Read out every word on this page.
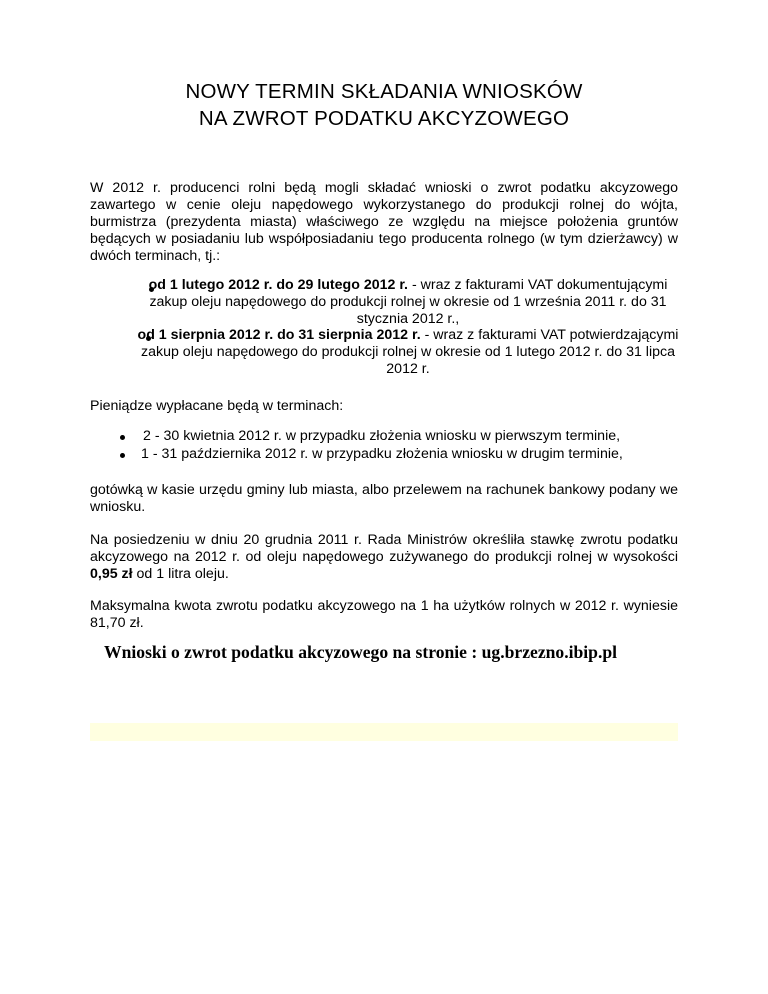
NOWY TERMIN SKŁADANIA WNIOSKÓW
NA ZWROT PODATKU AKCYZOWEGO
W 2012 r. producenci rolni będą mogli składać wnioski o zwrot podatku akcyzowego zawartego w cenie oleju napędowego wykorzystanego do produkcji rolnej do wójta, burmistrza (prezydenta miasta) właściwego ze względu na miejsce położenia gruntów będących w posiadaniu lub współposiadaniu tego producenta rolnego (w tym dzierżawcy) w dwóch terminach, tj.:
od 1 lutego 2012 r. do 29 lutego 2012 r. - wraz z fakturami VAT dokumentującymi zakup oleju napędowego do produkcji rolnej w okresie od 1 września 2011 r. do 31 stycznia 2012 r.,
od 1 sierpnia 2012 r. do 31 sierpnia 2012 r. - wraz z fakturami VAT potwierdzającymi zakup oleju napędowego do produkcji rolnej w okresie od 1 lutego 2012 r. do 31 lipca 2012 r.
Pieniądze wypłacane będą w terminach:
2 - 30 kwietnia 2012 r. w przypadku złożenia wniosku w pierwszym terminie,
1 - 31 października 2012 r. w przypadku złożenia wniosku w drugim terminie,
gotówką w kasie urzędu gminy lub miasta, albo przelewem na rachunek bankowy podany we wniosku.
Na posiedzeniu w dniu 20 grudnia 2011 r. Rada Ministrów określiła stawkę zwrotu podatku akcyzowego na 2012 r. od oleju napędowego zużywanego do produkcji rolnej w wysokości 0,95 zł od 1 litra oleju.
Maksymalna kwota zwrotu podatku akcyzowego na 1 ha użytków rolnych w 2012 r. wyniesie 81,70 zł.
Wnioski o zwrot podatku akcyzowego na stronie : ug.brzezno.ibip.pl
